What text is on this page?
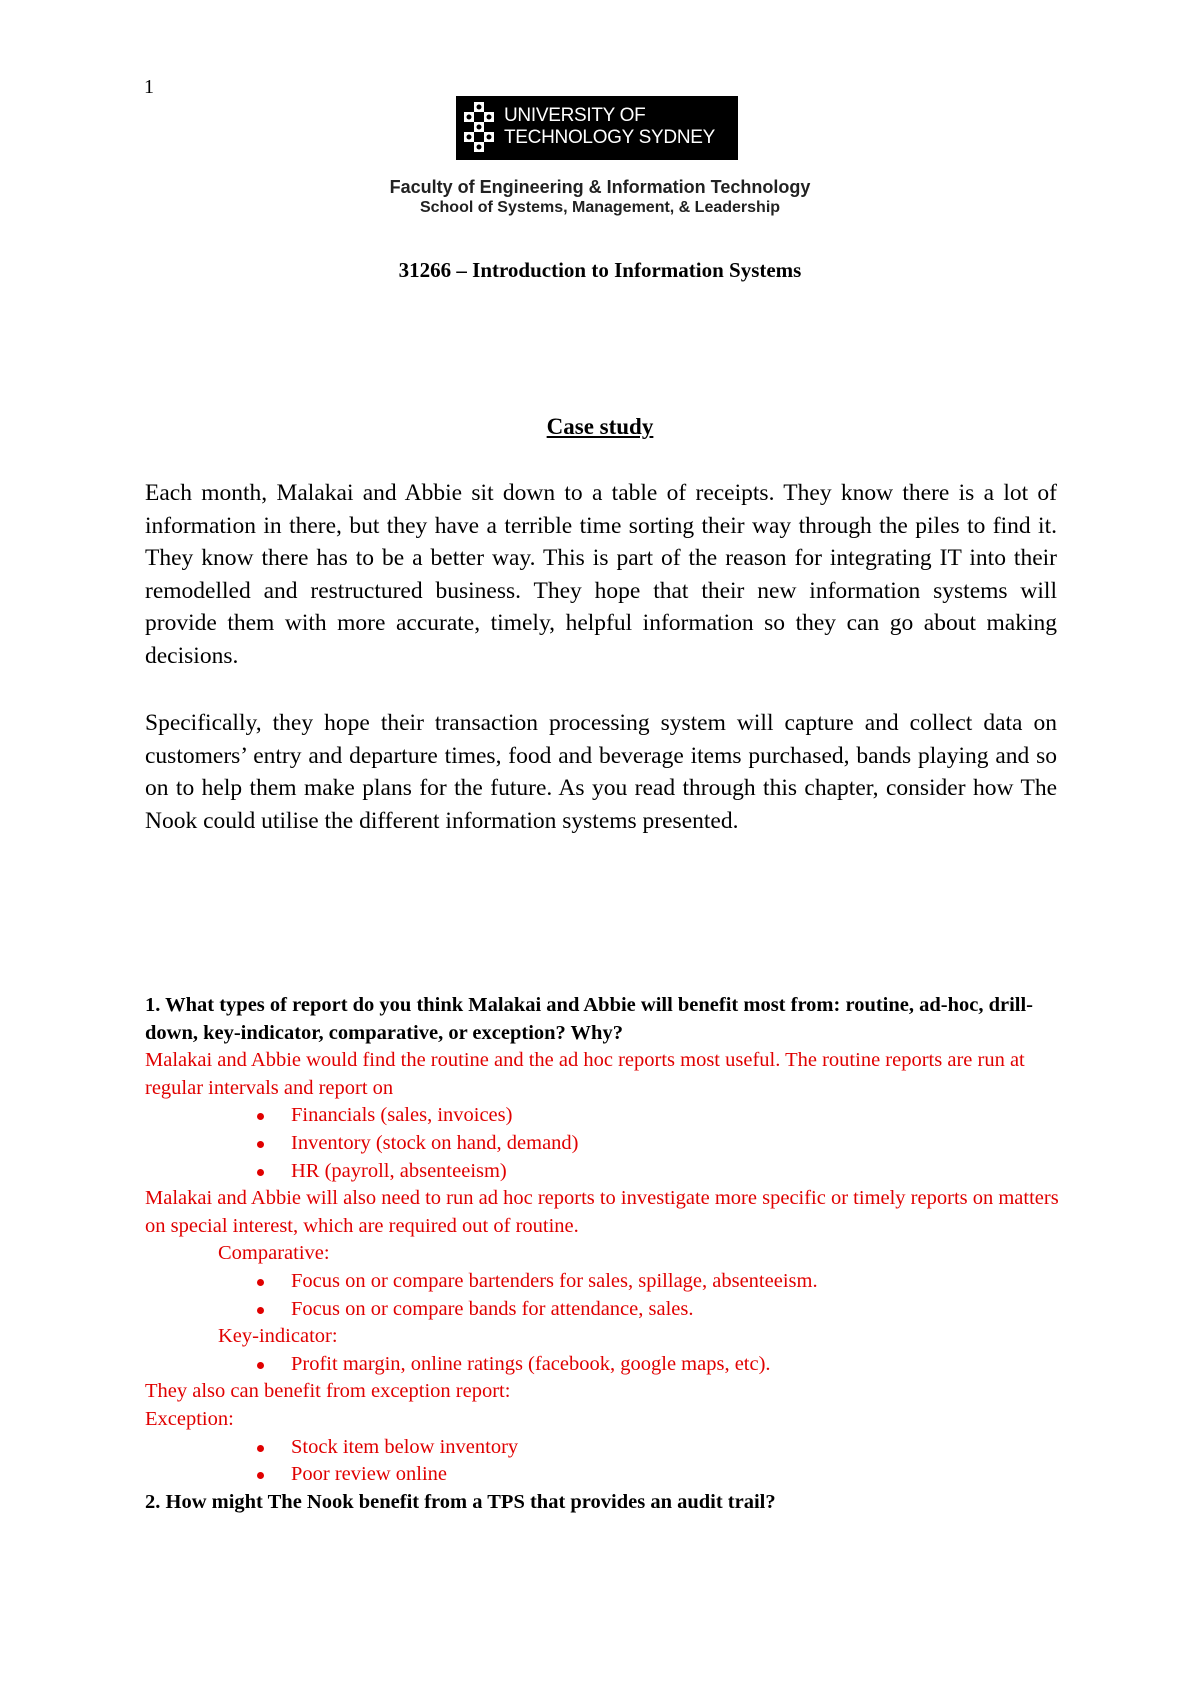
1
UNIVERSITY OF
TECHNOLOGY SYDNEY
Faculty of Engineering & Information Technology
School of Systems, Management, & Leadership
31266 – Introduction to Information Systems
Case study
Each month, Malakai and Abbie sit down to a table of receipts. They know there is a lot of information in there, but they have a terrible time sorting their way through the piles to find it. They know there has to be a better way. This is part of the reason for integrating IT into their remodelled and restructured business. They hope that their new information systems will provide them with more accurate, timely, helpful information so they can go about making decisions.
Specifically, they hope their transaction processing system will capture and collect data on customers’ entry and departure times, food and beverage items purchased, bands playing and so on to help them make plans for the future. As you read through this chapter, consider how The Nook could utilise the different information systems presented.
1. What types of report do you think Malakai and Abbie will benefit most from: routine, ad-hoc, drill-down, key-indicator, comparative, or exception? Why?
Malakai and Abbie would find the routine and the ad hoc reports most useful. The routine reports are run at regular intervals and report on
Financials (sales, invoices)
Inventory (stock on hand, demand)
HR (payroll, absenteeism)
Malakai and Abbie will also need to run ad hoc reports to investigate more specific or timely reports on matters on special interest, which are required out of routine.
Comparative:
Focus on or compare bartenders for sales, spillage, absenteeism.
Focus on or compare bands for attendance, sales.
Key-indicator:
Profit margin, online ratings (facebook, google maps, etc).
They also can benefit from exception report:
Exception:
Stock item below inventory
Poor review online
2. How might The Nook benefit from a TPS that provides an audit trail?
